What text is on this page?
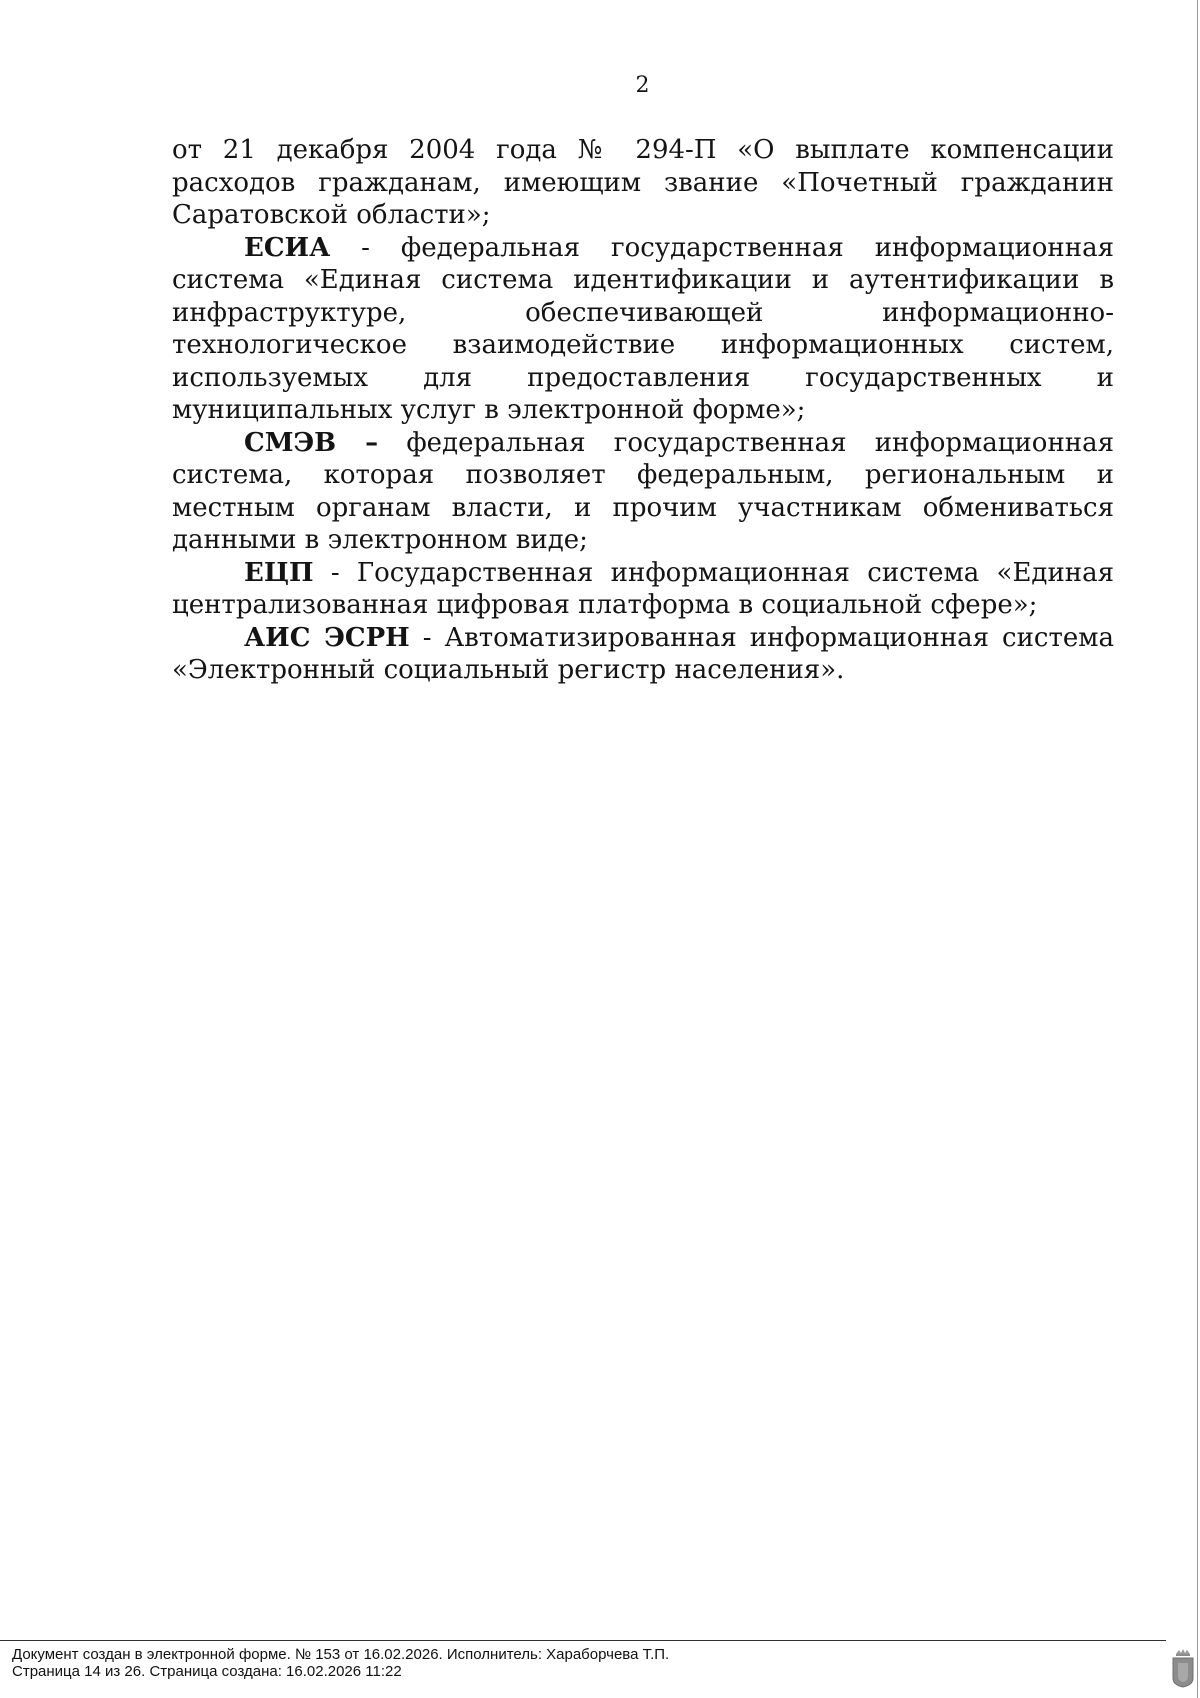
2

от 21 декабря 2004 года № 294-П «О выплате компенсации расходов гражданам, имеющим звание «Почетный гражданин Саратовской области»;

ЕСИА - федеральная государственная информационная система «Единая система идентификации и аутентификации в инфраструктуре, обеспечивающей информационно-технологическое взаимодействие информационных систем, используемых для предоставления государственных и муниципальных услуг в электронной форме»;

СМЭВ – федеральная государственная информационная система, которая позволяет федеральным, региональным и местным органам власти, и прочим участникам обмениваться данными в электронном виде;

ЕЦП - Государственная информационная система «Единая централизованная цифровая платформа в социальной сфере»;

АИС ЭСРН - Автоматизированная информационная система «Электронный социальный регистр населения».

Документ создан в электронной форме. № 153 от 16.02.2026. Исполнитель: Хараборчева Т.П.
Страница 14 из 26. Страница создана: 16.02.2026 11:22
